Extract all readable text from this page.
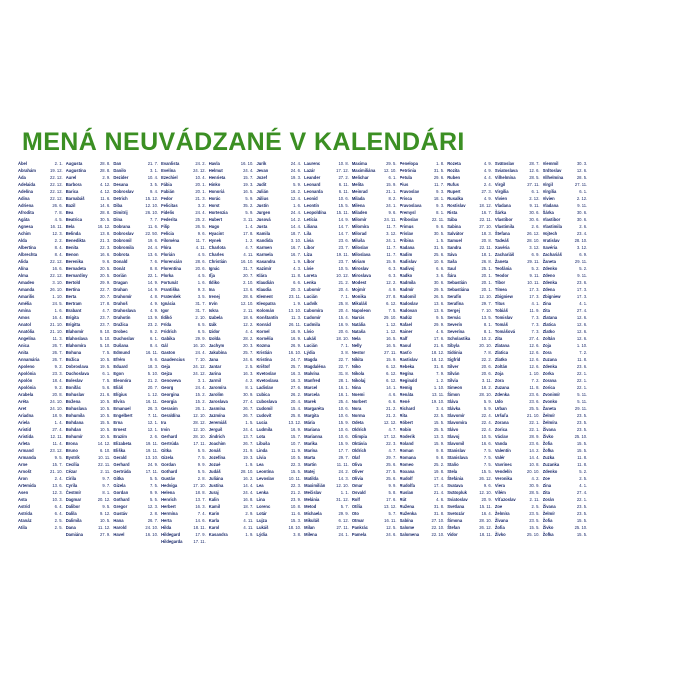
MENÁ NEUVÁDZANÉ V KALENDÁRI
Ábel	2. 1.
Abrahám	19. 12.
Áda	22. 12.
Adelaida	22. 12.
Adelína	22. 12.
Adina	22. 12.
Adriena	26. 6.
Afrodita	7. 8.
Agáta	4. 5.
Agnesa	16. 11.
Achim	12. 3.
Alda	2. 2.
Albertína	8. 4.
Albrechta	8. 4.
Alida	22. 12.
Alína	16. 6.
Alma	22. 12.
Amadeo	3. 10.
Amanda	26. 10.
Amarilis	1. 10.
Amélia	24. 5.
Amína	1. 6.
Amos	16. 4.
Anatol	21. 10.
Anatólia	21. 10.
Angelína	11. 3.
Anica	26. 7.
Anita	26. 7.
Annamária	26. 7.
Apoleno	9. 2.
Apolónia	23. 3.
Apolón	18. 4.
Apolónia	9. 2.
Arabela	20. 8.
Aréta	24. 10.
Aret	24. 10.
Ariadna	18. 9.
Ariela	1. 4.
Aristid	27. 4.
Aristida	12. 11.
Arleta	11. 4.
Armand	23. 12.
Armanda	9. 5.
Arne	15. 7.
Arnošt	21. 10.
Áron	2. 4.
Artemida	13. 6.
Asen	12. 3.
Asta	10. 3.
Astrid	6. 4.
Astrida	6. 4.
Atanáz	2. 5.
Atila	2. 5.
Augusta	28. 8.
Augustína	28. 8.
Aurel	2. 9.
Barbora	4. 12.
Barica	4. 12.
Barnabáš	11. 6.
Bazil	14. 6.
Bea	28. 8.
Beatrica	30. 5.
Bela	16. 12.
Belinda	13. 8.
Benedikta	21. 3.
Benita	22. 3.
Benon	16. 6.
Berenika	9. 6.
Bernadeta	20. 5.
Bernardíny	20. 5.
Bertold	29. 9.
Bertína	22. 7.
Berta	20. 7.
Bertram	17. 8.
Brabant	4. 7.
Brigita	23. 7.
Brigitta	23. 7.
Blahomír	9. 10.
Blahoslava	5. 10.
Blahomíra	5. 10.
Bohuna	7. 5.
Božica	10. 5.
Dobroslava	19. 5.
Duchoslava	6. 1.
Boleslav	7. 5.
Bonifác	5. 6.
Bohuslav	21. 6.
Božena	10. 5.
Bohuslava	10. 5.
Bohumila	10. 5.
Bohdana	15. 5.
Bohdan	10. 5.
Bohumír	10. 5.
Brona	14. 12.
Bruno	6. 10.
Bystrík	10. 11.
Cecília	22. 11.
Cézar	2. 11.
Cirila	9. 7.
Cyrila	9. 7.
Čestmír	8. 1.
Dagmar	20. 12.
Dalibor	9. 5.
Dalila	9. 12.
Dalimila	10. 5.
Dana	11. 12.
Damiána	27. 9.
Dan	21. 7.
Danilo	3. 1.
Dezider	10. 4.
Desana	3. 5.
Dobroslav	9. 4.
Detrich	15. 12.
Diba	12. 10.
Dimitrij	26. 10.
Dina	7. 7.
Dobrana	11. 6.
Dobroslav	22. 50.
Dobromil	19. 6.
Dobromila	24. 4.
Dobrota	13. 6.
Donald	7. 6.
Donát	8. 8.
Dorián	22. 1.
Dragan	14. 9.
Drahan	14. 9.
Drahomír	4. 8.
Drahoš	4. 9.
Drahoslava	4. 9.
Drahotín	13. 9.
Dražica	23. 2.
Drobec	9. 2.
Duchoslav	6. 1.
Dušana	8. 4.
Edmund	16. 11.
Efrém	9. 6.
Eduard	18. 3.
Egon	5. 10.
Eleonóra	21. 2.
Eliáš	20. 7.
Elígius	1. 12.
Elvíra	16. 11.
Emanuel	26. 3.
Engelbert	7. 11.
Erna	12. 1.
Ernest	12. 1.
Erazím	2. 6.
Elizabeta	19. 11.
Eliška	19. 11.
Gerald	13. 10.
Gerhard	24. 9.
Gertrúda	17. 11.
Gitka	5. 5.
Gizela	7. 5.
Gordan	9. 9.
Gothard	5. 5.
Gregor	12. 3.
Gustáv	2. 8.
Hana	26. 7.
Harold	24. 10.
Havel	16. 10.
Evanlista	24. 2.
Evelína	24. 12.
Ezechiel	10. 4.
Fábia	20. 1.
Fabián	20. 1.
Fedor	21. 3.
Felicitas	3. 2.
Fidelis	24. 4.
Federita	25. 2.
Filip	26. 5.
Felícia	9. 6.
Filoména	11. 7.
Flóra	4. 11.
Florián	4. 5.
Florencián	28. 6.
Florentína	20. 6.
Florka	4. 5.
Fortunát	1. 6.
Františka	9. 3.
Fratenšek	3. 5.
Ignácia	31. 7.
Igor	31. 7.
Ildikó	2. 10.
Frída	6. 5.
Fridrich	6. 5.
Gabika	29. 9.
Gál	16. 10.
Gaston	24. 4.
Gaudencius	7. 10.
Geja	24. 12.
Gejza	24. 12.
Genoveva	3. 1.
Georg	24. 4.
Georgina	15. 2.
Georgia	15. 2.
Gerasim	26. 1.
Geraldína	12. 10.
Ira	28. 12.
Irvin	12. 10.
Gerhard	28. 10.
Gertrúda	17. 11.
Gitka	5. 5.
Gizela	7. 5.
Gordan	9. 9.
Gothard	5. 5.
Gustáv	2. 8.
Hedviga	17. 10.
Helena	18. 8.
Henrich	13. 7.
Herbert	16. 3.
Hermína	7. 4.
Herta	14. 6.
Hilda	18. 11.
Hildegard	17. 9.
Hildegarda	17. 11.
Havla	16. 10.
Helmut	24. 4.
Henrieta	15. 7.
Hinko	19. 3.
Honoriá	16. 5.
Horác	5. 9.
Horst	35. 2.
Hortenzia	5. 9.
Hubert	3. 11.
Hugo	1. 4.
Hyacint	17. 8.
Hynek	1. 2.
Charlota	4. 7.
Charles	4. 11.
Christián	16. 10.
Ignác	31. 7.
Iľja	20. 7.
Ildiko	2. 10.
Ina	13. 6.
Irenej	28. 6.
Irvín	12. 10.
Iskra	2. 11.
Izabela	18. 6.
Izák	12. 2.
Izidor	4. 4.
Izolda	28. 2.
Jachym	20. 3.
Jakubína	25. 7.
Jana	24. 6.
Jantar	2. 5.
Jarina	16. 3.
Jarmil	4. 2.
Jaromíra	8. 1.
Jarolím	30. 9.
Jaroslava	27. 4.
Jasmína	26. 7.
Jazmína	26. 7.
Jeremiáš	1. 5.
Jerguš	24. 4.
Jindrich	13. 7.
Joachim	26. 7.
Jonáš	21. 9.
Jozefína	19. 3.
Jozué	1. 9.
Judáš	28. 10.
Juliána	16. 2.
Justína	14. 4.
Juraj	24. 4.
Kalin	16. 8.
Kamil	18. 7.
Karin	2. 9.
Karla	4. 11.
Karol	4. 11.
Kasandra	1. 9.
Jurík	24. 4.
Jevan	24. 6.
Jozef	19. 3.
Judit	5. 9.
Julián	16. 2.
Július	12. 4.
Justín	1. 6.
Jurgen	24. 4.
Jusová	14. 2.
Justa	14. 4.
Kamila	18. 7.
Kandida	3. 10.
Karmen	16. 7.
Karmela	16. 7.
Kasandra	1. 9.
Kazimír	4. 3.
Klára	11. 8.
Klaudián	6. 6.
Klaudia	20. 3.
Klement	23. 11.
Kleopatra	1. 9.
Kolomán	13. 10.
Konštantín	11. 3.
Konrád	26. 11.
Kornel	16. 9.
Kornélia	16. 9.
Kozma	26. 9.
Kristián	16. 10.
Kristína	24. 7.
Krištof	25. 7.
Kvetoslav	16. 3.
Kvetoslava	16. 3.
Ladislav	27. 6.
Ľubica	26. 2.
Ľuboslava	20. 4.
Ľudomil	15. 4.
Ľudovít	25. 8.
Lucia	13. 12.
Ludmila	16. 9.
Lota	15. 7.
Libuša	10. 7.
Linda	11. 9.
Lívia	10. 5.
Lea	22. 3.
Leontína	15. 5.
Levoslav	10. 11.
Lea	22. 3.
Lenka	21. 2.
Lina	23. 9.
Lorenc	10. 8.
Lotár	11. 6.
Lujza	15. 3.
Lukáš	18. 10.
Lýdia	3. 8.
Laurenc	10. 8.
Lazár	17. 12.
Leander	27. 2.
Leonard	6. 11.
Leonarda	6. 11.
Leonid	10. 6.
Leontín	15. 5.
Leopoldína	15. 11.
Letícia	14. 9.
Liliana	14. 7.
Lila	14. 7.
Livia	23. 6.
Libor	23. 7.
Líza	19. 11.
Líbor	23. 7.
Lívie	10. 5.
Loreta	10. 12.
Lenka	21. 2.
Lubomír	20. 4.
Lucián	7. 1.
Ludvík	25. 8.
Ľubomíra	20. 4.
Ľudomír	15. 4.
Ľudmila	16. 9.
Lívio	20. 6.
Lukáš	18. 10.
Lucián	7. 1.
Lýdia	3. 8.
Magda	22. 7.
Magdaléna	22. 7.
Malvína	31. 8.
Manfred	28. 1.
Marcel	16. 1.
Marcela	16. 1.
Marek	25. 4.
Margaréta	10. 6.
Margita	10. 6.
Mária	15. 9.
Mariana	10. 6.
Marianna	10. 6.
Marika	15. 9.
Marína	17. 7.
Marta	29. 7.
Martin	11. 11.
Matej	24. 2.
Matilda	14. 3.
Maximilián	12. 10.
Mečislav	1. 1.
Melánia	31. 12.
Metod	5. 7.
Michaela	29. 9.
Mikuláš	6. 12.
Milan	27. 11.
Milena	24. 1.
Maxima	29. 5.
Maximiliána	12. 10.
Melichar	6. 1.
Melita	15. 9.
Meinrad	21. 1.
Milada	8. 2.
Milena	24. 1.
Miladen	9. 6.
Milomír	24. 11.
Milomíra	11. 7.
Milorad	3. 12.
Miluša	24. 1.
Miloslav	11. 7.
Miloslava	11. 7.
Miriam	15. 9.
Miroslav	6. 3.
Miroslava	6. 3.
Modest	12. 2.
Mojmír	4. 9.
Monika	27. 8.
Mikuláš	6. 12.
Napoleon	7. 5.
Narcis	29. 10.
Natália	1. 12.
Nataša	1. 12.
Nela	16. 5.
Nelly	16. 5.
Nestor	27. 11.
Nikita	15. 9.
Niko	6. 12.
Nikola	6. 12.
Nikolaj	6. 12.
Nina	14. 1.
Noemi	4. 6.
Norbert	6. 6.
Nora	21. 2.
Norma	21. 2.
Odeta	12. 12.
Oldrich	4. 7.
Olimpia	17. 12.
Oktávia	22. 3.
Oldrich	4. 7.
Olaf	29. 7.
Oliva	25. 6.
Oliver	27. 5.
Olívia	25. 6.
Omar	9. 9.
Osvald	5. 8.
Rolf	17. 6.
Otília	13. 12.
Oto	5. 7.
Otmar	16. 11.
Pankrác	12. 5.
Pamela	24. 6.
Penelopa	1. 8.
Petrónia	31. 5.
Petula	29. 6.
Pius	11. 7.
Pravoslav	9. 3.
Prisca	18. 1.
Pravoslava	9. 3.
Premysl	8. 1.
Priboslav	22. 11.
Primus	9. 6.
Príslav	30. 5.
Pribina	1. 5.
Radana	31. 5.
Radim	25. 6.
Radislav	10. 6.
Radivoj	6. 6.
Radko	3. 6.
Radmila	30. 6.
Radmír	29. 5.
Radomil	26. 5.
Radoslav	13. 6.
Radovan	13. 6.
Radúz	9. 5.
Rafael	29. 9.
Rainer	4. 6.
Ralf	17. 6.
Raoul	21. 6.
Rasťo	18. 12.
Rastislav	18. 12.
Rebeka	31. 8.
Regína	7. 9.
Reginald	1. 2.
Remig	1. 10.
Renáta	13. 11.
René	19. 10.
Richard	3. 4.
Rita	22. 5.
Róbert	15. 5.
Robin	25. 5.
Roderik	13. 3.
Roland	15. 9.
Roman	9. 8.
Romana	9. 8.
Romeo	25. 2.
Roxana	19. 8.
Rudolf	17. 4.
Rudolfa	17. 4.
Ruslan	21. 4.
Rút	4. 6.
Ružena	31. 8.
Ruženka	31. 8.
Sabína	27. 10.
Salome	22. 10.
Salomena	22. 10.
Rozeta	4. 9.
Rozita	4. 9.
Ruben	4. 4.
Rufus	2. 4.
Rupert	27. 3.
Rusalka	4. 9.
Rostislav	18. 12.
Rista	16. 7.
Sába	22. 11.
Sabina	27. 10.
Salvátor	18. 3.
Samuel	20. 8.
Sandra	22. 11.
Sáva	18. 1.
Saša	26. 8.
Saul	25. 1.
Šára	20. 1.
Sebastián	20. 1.
Sebastiána	20. 1.
Serafín	12. 10.
Serafína	29. 7.
Sergej	7. 10.
Servác	13. 5.
Severín	8. 1.
Severína	8. 1.
Scholastika	10. 2.
Sibyla	20. 10.
Sidónia	7. 8.
Sigfríd	22. 2.
Silver	20. 6.
Silván	20. 6.
Silvia	3. 11.
Simeon	18. 2.
Šimon	28. 10.
Sláva	5. 9.
Slávka	5. 9.
Slavomír	22. 4.
Slavomíra	22. 4.
Slávo	22. 4.
Slavoj	10. 5.
Slavomil	16. 6.
Stanislav	7. 5.
Stanislava	7. 5.
Staňo	7. 5.
Stela	15. 5.
Štefánia	26. 12.
Svatava	9. 6.
Svätopluk	12. 10.
Sviatoslav	20. 9.
Svetlana	15. 11.
Svetozár	16. 4.
Šimona	28. 10.
Štefan	26. 12.
Vidor	18. 11.
Svätoslav	28. 7.
Sviatoslava	12. 6.
Vilhelmína	28. 5.
Virgil	27. 11.
Virgília	6. 1.
Vivien	2. 12.
Vladana	9. 11.
Šárka	30. 6.
Vlastibor	30. 6.
Vlastimila	2. 6.
Štefana	26. 12.
Tadeáš	28. 10.
Xavéria	3. 12.
Zachariáš	6. 9.
Žaneta	29. 11.
Teofánia	5. 2.
Teodor	9. 11.
Tibor	10. 11.
Tímea	17. 3.
Zbigniew	17. 3.
Titus	4. 1.
Tobiáš	11. 9.
Tomislav	7. 3.
Tomáš	7. 3.
Tomášová	7. 3.
Zita	27. 4.
Zlatana	12. 6.
Zlatica	12. 6.
Zlatko	12. 6.
Zoltán	12. 6.
Zoja	1. 10.
Zora	7. 2.
Zuzana	11. 8.
Zdenka	23. 6.
Udo	23. 6.
Urban	25. 5.
Uršuľa	21. 10.
Zorana	22. 1.
Zorica	22. 1.
Václav	28. 9.
Vanda	23. 6.
Valentín	14. 2.
Valér	14. 4.
Vavrinec	10. 8.
Vendelín	20. 10.
Veronika	4. 2.
Viera	30. 9.
Vilém	28. 5.
Víťazoslav	2. 11.
Zoe	2. 5.
Želmíra	23. 5.
Živana	23. 5.
Žofia	15. 5.
Živko	25. 10.
Viemmil	30. 3.
Srdtoslav	12. 6.
Vilhelmína	28. 5.
Virgil	27. 11.
Virgília	6. 1.
Vivien	2. 12.
Vladana	9. 11.
Šárka	30. 6.
Vlastibor	30. 6.
Vlastimila	2. 6.
Vojtech	23. 4.
Vratislav	28. 10.
Xavéria	3. 12.
Zachariáš	6. 9.
Žaneta	29. 11.
Zdenko	5. 2.
Zdeno	9. 11.
Zdenka	23. 6.
Zdena	17. 3.
Zbigniew	17. 3.
Zina	4. 1.
Zita	27. 4.
Zlatana	12. 6.
Zlatica	12. 6.
Zlatko	12. 6.
Zoltán	12. 6.
Zoja	1. 10.
Zora	7. 2.
Zuzana	11. 8.
Zdenka	23. 6.
Zorka	22. 1.
Zorana	22. 1.
Zorica	22. 1.
Zvonimír	5. 11.
Zvonko	5. 11.
Žaneta	29. 11.
Želmír	23. 5.
Želmíra	23. 5.
Živana	23. 5.
Živko	25. 10.
Žofia	15. 5.
Žofka	15. 5.
Zuzka	11. 8.
Zuzanka	11. 8.
Zdenko	5. 2.
Zoe	2. 5.
Zina	4. 1.
Zita	27. 4.
Zorán	22. 1.
Živana	23. 5.
Želmír	23. 5.
Žofia	15. 5.
Živko	25. 10.
Žofka	15. 5.
